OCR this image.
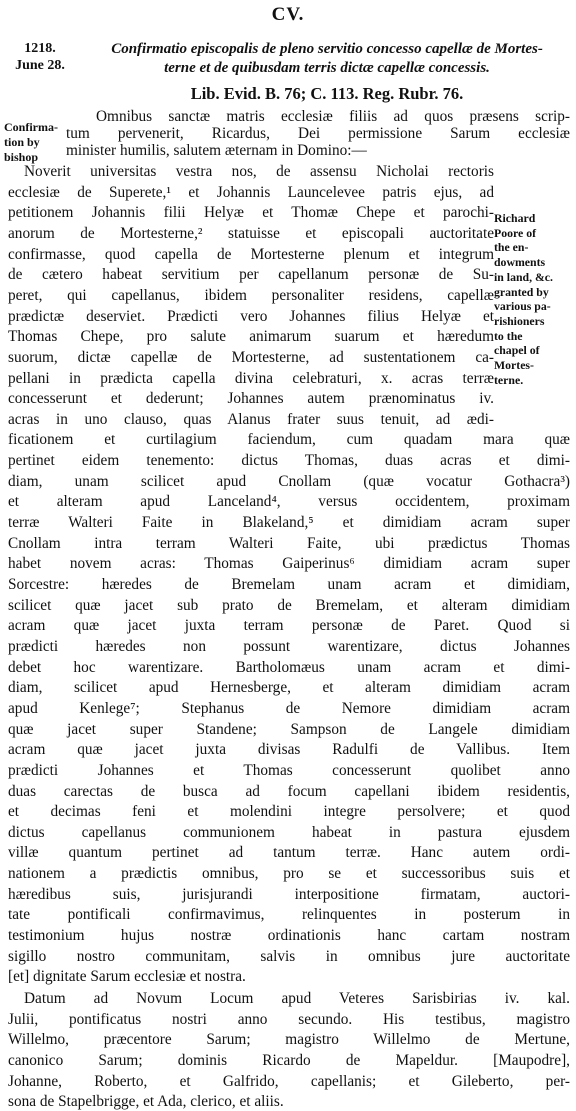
CV.
1218.
June 28.
Confirmatio episcopalis de pleno servitio concesso capellæ de Mortes-
terne et de quibusdam terris dictæ capellæ concessis.
Lib. Evid. B. 76; C. 113. Reg. Rubr. 76.
Confirma-
tion by
bishop
Richard
Poore of
the en-
dowments
in land, &c.
granted by
various pa-
rishioners
to the
chapel of
Mortes-
terne.
Omnibus sanctæ matris ecclesiæ filiis ad quos præsens scrip-
tum pervenerit, Ricardus, Dei permissione Sarum ecclesiæ
minister humilis, salutem æternam in Domino:—
Noverit universitas vestra nos, de assensu Nicholai rectoris
ecclesiæ de Superete,¹ et Johannis Launcelevee patris ejus, ad
petitionem Johannis filii Helyæ et Thomæ Chepe et parochi-
anorum de Mortesterne,² statuisse et episcopali auctoritate
confirmasse, quod capella de Mortesterne plenum et integrum
de cætero habeat servitium per capellanum personæ de Su-
peret, qui capellanus, ibidem personaliter residens, capellæ
prædictæ deserviet. Prædicti vero Johannes filius Helyæ et
Thomas Chepe, pro salute animarum suarum et hæredum
suorum, dictæ capellæ de Mortesterne, ad sustentationem ca-
pellani in prædicta capella divina celebraturi, x. acras terræ
concesserunt et dederunt; Johannes autem prænominatus iv.
acras in uno clauso, quas Alanus frater suus tenuit, ad ædi-
ficationem et curtilagium faciendum, cum quadam mara quæ
pertinet eidem tenemento: dictus Thomas, duas acras et dimi-
diam, unam scilicet apud Cnollam (quæ vocatur Gothacra³)
et alteram apud Lanceland⁴, versus occidentem, proximam
terræ Walteri Faite in Blakeland,⁵ et dimidiam acram super
Cnollam intra terram Walteri Faite, ubi prædictus Thomas
habet novem acras: Thomas Gaiperinus⁶ dimidiam acram super
Sorcestre: hæredes de Bremelam unam acram et dimidiam,
scilicet quæ jacet sub prato de Bremelam, et alteram dimidiam
acram quæ jacet juxta terram personæ de Paret. Quod si
prædicti hæredes non possunt warentizare, dictus Johannes
debet hoc warentizare. Bartholomæus unam acram et dimi-
diam, scilicet apud Hernesberge, et alteram dimidiam acram
apud Kenlege⁷; Stephanus de Nemore dimidiam acram
quæ jacet super Standene; Sampson de Langele dimidiam
acram quæ jacet juxta divisas Radulfi de Vallibus. Item
prædicti Johannes et Thomas concesserunt quolibet anno
duas carectas de busca ad focum capellani ibidem residentis,
et decimas feni et molendini integre persolvere; et quod
dictus capellanus communionem habeat in pastura ejusdem
villæ quantum pertinet ad tantum terræ. Hanc autem ordi-
nationem a prædictis omnibus, pro se et successoribus suis et
hæredibus suis, jurisjurandi interpositione firmatam, auctori-
tate pontificali confirmavimus, relinquentes in posterum in
testimonium hujus nostræ ordinationis hanc cartam nostram
sigillo nostro communitam, salvis in omnibus jure auctoritate
[et] dignitate Sarum ecclesiæ et nostra.
Datum ad Novum Locum apud Veteres Sarisbirias iv. kal.
Julii, pontificatus nostri anno secundo. His testibus, magistro
Willelmo, præcentore Sarum; magistro Willelmo de Mertune,
canonico Sarum; dominis Ricardo de Mapeldur. [Maupodre],
Johanne, Roberto, et Galfrido, capellanis; et Gileberto, per-
sona de Stapelbrigge, et Ada, clerico, et aliis.
